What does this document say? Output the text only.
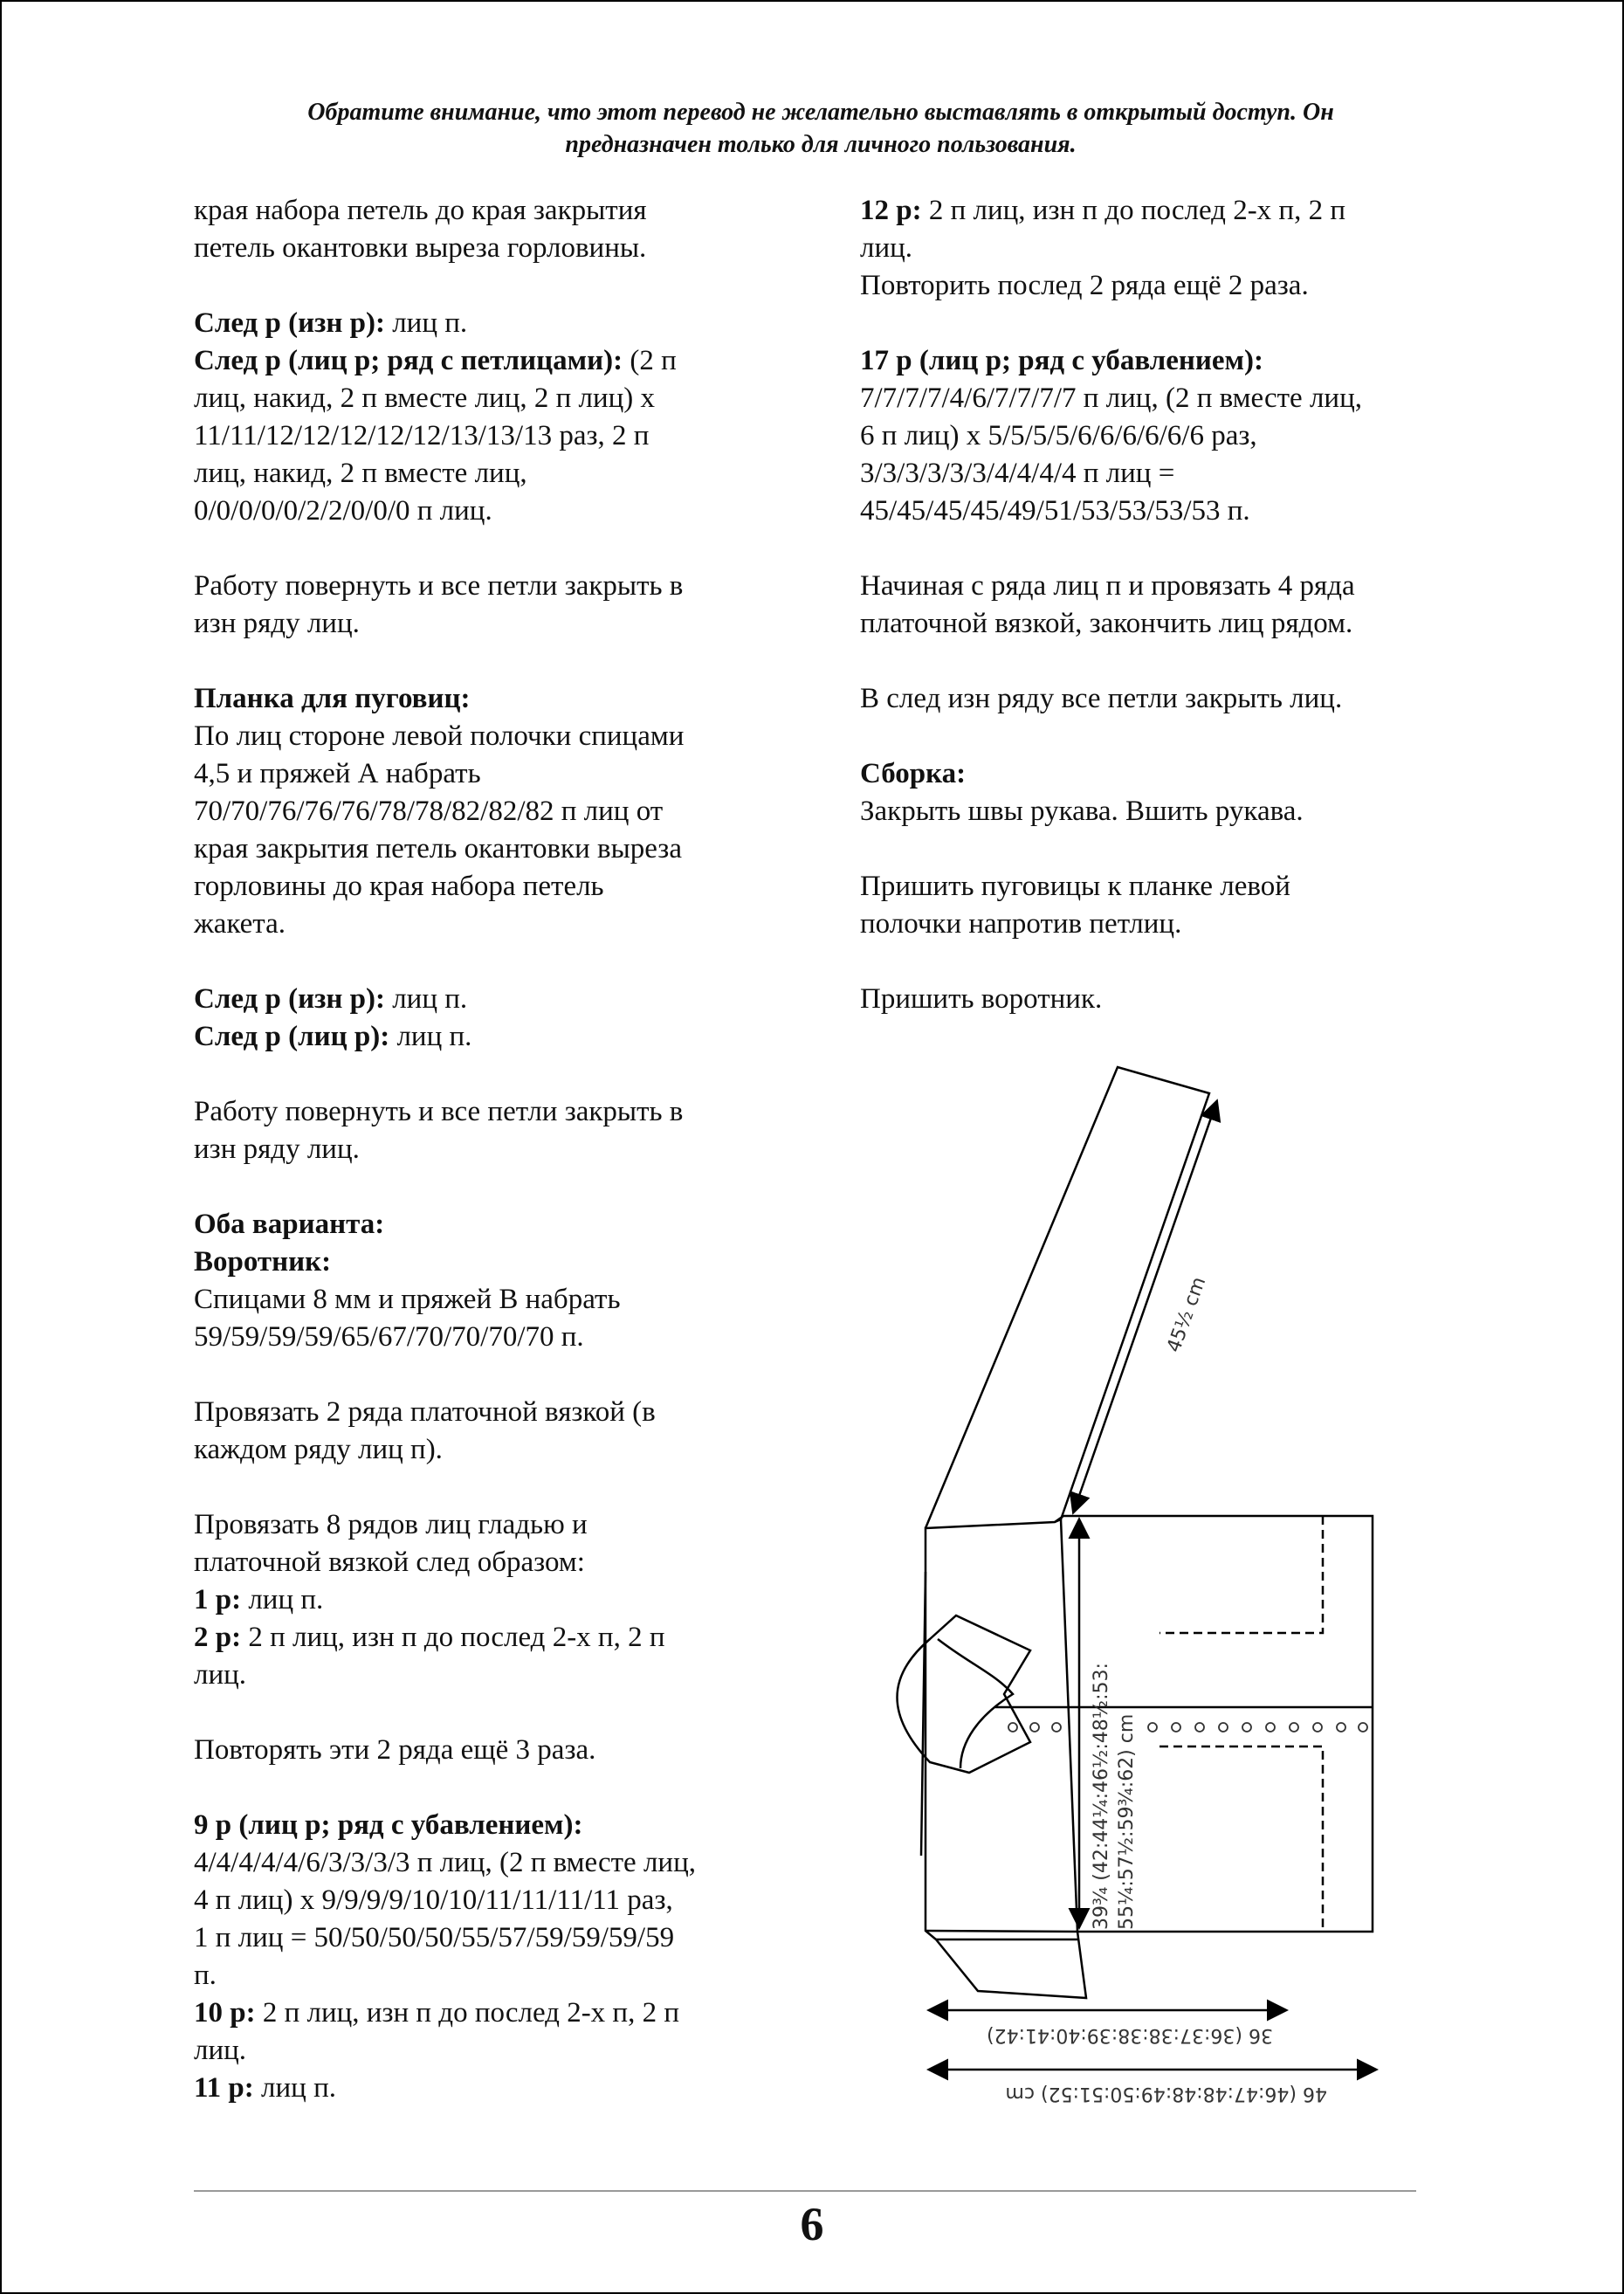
Обратите внимание, что этот перевод не желательно выставлять в открытый доступ. Он
предназначен только для личного пользования.
края набора петель до края закрытия
петель окантовки выреза горловины.
След р (изн р): лиц п.
След р (лиц р; ряд с петлицами): (2 п
лиц, накид, 2 п вместе лиц, 2 п лиц) х
11/11/12/12/12/12/12/13/13/13 раз, 2 п
лиц, накид, 2 п вместе лиц,
0/0/0/0/0/2/2/0/0/0 п лиц.
Работу повернуть и все петли закрыть в
изн ряду лиц.
Планка для пуговиц:
По лиц стороне левой полочки спицами
4,5 и пряжей А набрать
70/70/76/76/76/78/78/82/82/82 п лиц от
края закрытия петель окантовки выреза
горловины до края набора петель
жакета.
След р (изн р): лиц п.
След р (лиц р): лиц п.
Работу повернуть и все петли закрыть в
изн ряду лиц.
Оба варианта:
Воротник:
Спицами 8 мм и пряжей В набрать
59/59/59/59/65/67/70/70/70/70 п.
Провязать 2 ряда платочной вязкой (в
каждом ряду лиц п).
Провязать 8 рядов лиц гладью и
платочной вязкой след образом:
1 р: лиц п.
2 р: 2 п лиц, изн п до послед 2-х п, 2 п
лиц.
Повторять эти 2 ряда ещё 3 раза.
9 р (лиц р; ряд с убавлением):
4/4/4/4/4/6/3/3/3/3 п лиц, (2 п вместе лиц,
4 п лиц) х 9/9/9/9/10/10/11/11/11/11 раз,
1 п лиц = 50/50/50/50/55/57/59/59/59/59
п.
10 р: 2 п лиц, изн п до послед 2-х п, 2 п
лиц.
11 р: лиц п.
12 р: 2 п лиц, изн п до послед 2-х п, 2 п
лиц.
Повторить послед 2 ряда ещё 2 раза.
17 р (лиц р; ряд с убавлением):
7/7/7/7/4/6/7/7/7/7 п лиц, (2 п вместе лиц,
6 п лиц) х 5/5/5/5/6/6/6/6/6/6 раз,
3/3/3/3/3/3/4/4/4/4 п лиц =
45/45/45/45/49/51/53/53/53/53 п.
Начиная с ряда лиц п и провязать 4 ряда
платочной вязкой, закончить лиц рядом.
В след изн ряду все петли закрыть лиц.
Сборка:
Закрыть швы рукава. Вшить рукава.
Пришить пуговицы к планке левой
полочки напротив петлиц.
Пришить воротник.
45½ cm
39¾ (42:44¼:46½:48½:53: 55¼:57½:59¾:62) cm
36 (36:37:38:38:39:40:41:42)
46 (46:47:48:48:49:50:51:52) cm
6
